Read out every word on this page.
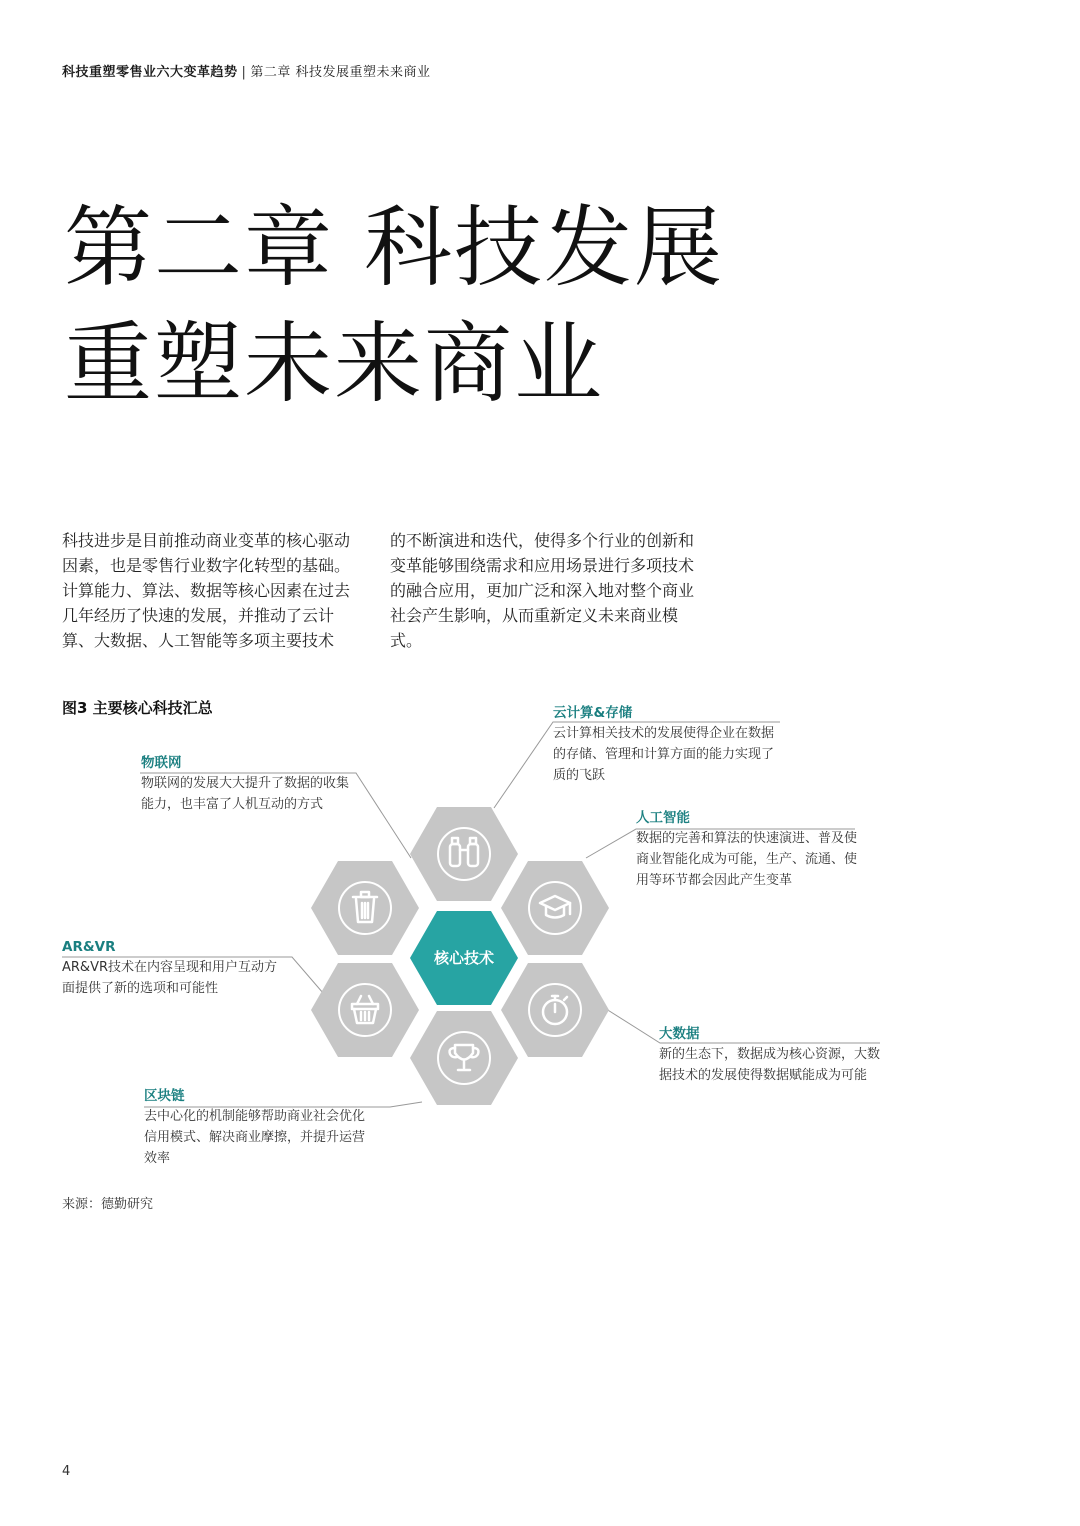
科技重塑零售业六大变革趋势 | 第二章 科技发展重塑未来商业
第二章 科技发展
重塑未来商业
科技进步是目前推动商业变革的核心驱动因素，也是零售行业数字化转型的基础。计算能力、算法、数据等核心因素在过去几年经历了快速的发展，并推动了云计算、大数据、人工智能等多项主要技术
的不断演进和迭代，使得多个行业的创新和变革能够围绕需求和应用场景进行多项技术的融合应用，更加广泛和深入地对整个商业社会产生影响，从而重新定义未来商业模式。
图3 主要核心科技汇总
核心技术
云计算&存储
云计算相关技术的发展使得企业在数据的存储、管理和计算方面的能力实现了质的飞跃
物联网
物联网的发展大大提升了数据的收集能力，也丰富了人机互动的方式
人工智能
数据的完善和算法的快速演进、普及使商业智能化成为可能，生产、流通、使用等环节都会因此产生变革
AR&VR
AR&VR技术在内容呈现和用户互动方面提供了新的选项和可能性
大数据
新的生态下，数据成为核心资源，大数据技术的发展使得数据赋能成为可能
区块链
去中心化的机制能够帮助商业社会优化信用模式、解决商业摩擦，并提升运营效率
来源：德勤研究
4
